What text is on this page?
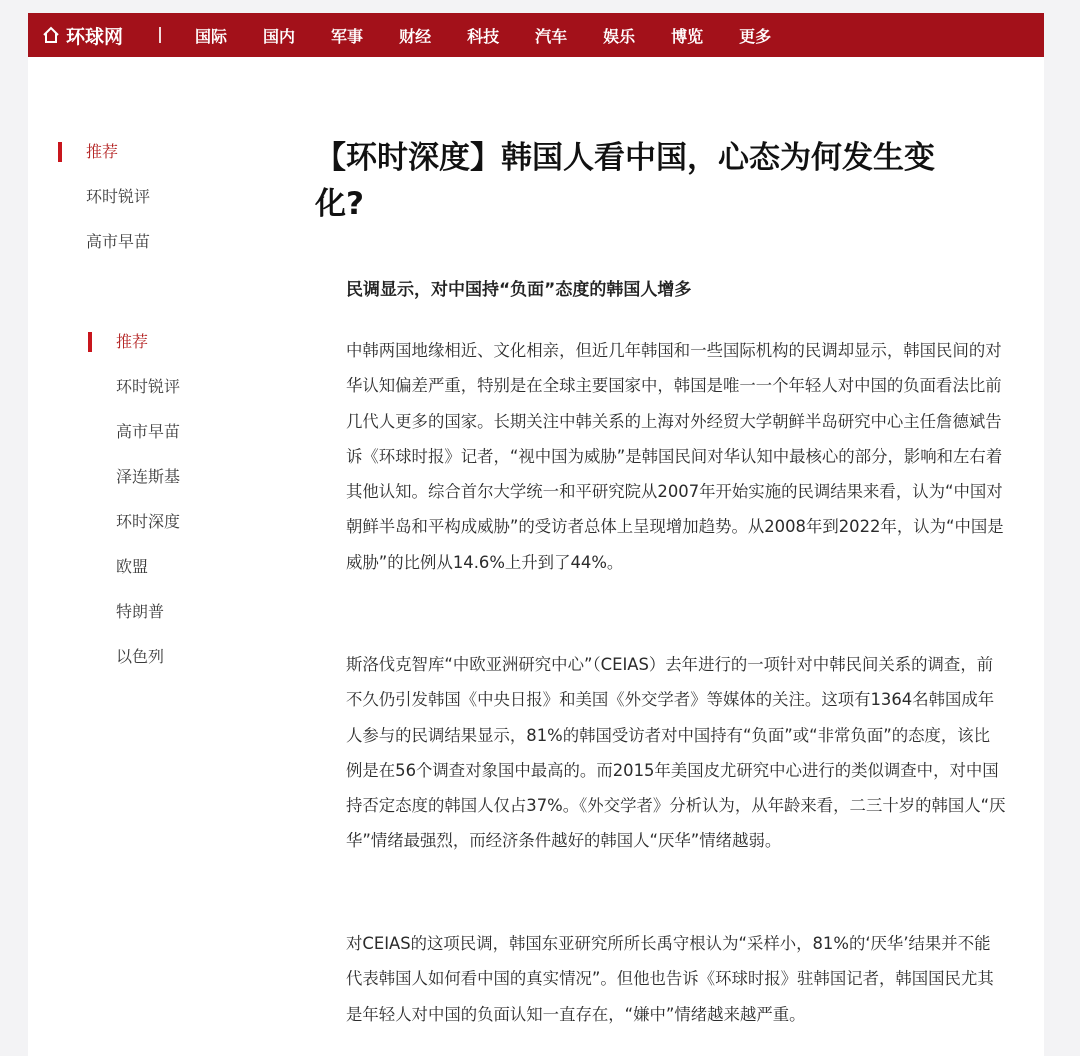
环球网	国际 国内 军事 财经 科技 汽车 娱乐 博览 更多
推荐
环时锐评
高市早苗
推荐
环时锐评
高市早苗
泽连斯基
环时深度
欧盟
特朗普
以色列
【环时深度】韩国人看中国，心态为何发生变化?

民调显示，对中国持“负面”态度的韩国人增多

中韩两国地缘相近、文化相亲，但近几年韩国和一些国际机构的民调却显示，韩国民间的对华认知偏差严重，特别是在全球主要国家中，韩国是唯一一个年轻人对中国的负面看法比前几代人更多的国家。长期关注中韩关系的上海对外经贸大学朝鲜半岛研究中心主任詹德斌告诉《环球时报》记者，“视中国为威胁”是韩国民间对华认知中最核心的部分，影响和左右着其他认知。综合首尔大学统一和平研究院从2007年开始实施的民调结果来看，认为“中国对朝鲜半岛和平构成威胁”的受访者总体上呈现增加趋势。从2008年到2022年，认为“中国是威胁”的比例从14.6%上升到了44%。

斯洛伐克智库“中欧亚洲研究中心”（CEIAS）去年进行的一项针对中韩民间关系的调查，前不久仍引发韩国《中央日报》和美国《外交学者》等媒体的关注。这项有1364名韩国成年人参与的民调结果显示，81%的韩国受访者对中国持有“负面”或“非常负面”的态度，该比例是在56个调查对象国中最高的。而2015年美国皮尤研究中心进行的类似调查中，对中国持否定态度的韩国人仅占37%。《外交学者》分析认为，从年龄来看，二三十岁的韩国人“厌华”情绪最强烈，而经济条件越好的韩国人“厌华”情绪越弱。

对CEIAS的这项民调，韩国东亚研究所所长禹守根认为“采样小，81%的‘厌华’结果并不能代表韩国人如何看中国的真实情况”。但他也告诉《环球时报》驻韩国记者，韩国国民尤其是年轻人对中国的负面认知一直存在，“嫌中”情绪越来越严重。
